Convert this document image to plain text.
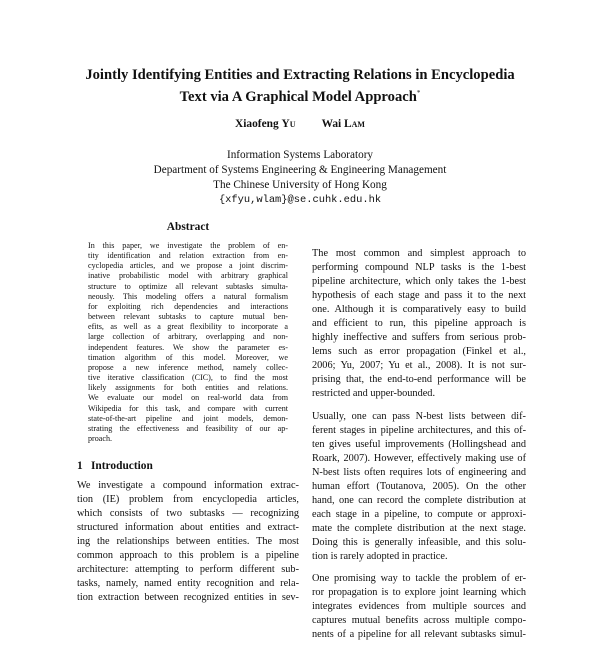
Jointly Identifying Entities and Extracting Relations in Encyclopedia
Text via A Graphical Model Approach*
Xiaofeng Yu Wai Lam
Information Systems Laboratory
Department of Systems Engineering & Engineering Management
The Chinese University of Hong Kong
{xfyu,wlam}@se.cuhk.edu.hk
Abstract
In this paper, we investigate the problem of en-
tity identification and relation extraction from en-
cyclopedia articles, and we propose a joint discrim-
inative probabilistic model with arbitrary graphical
structure to optimize all relevant subtasks simulta-
neously. This modeling offers a natural formalism
for exploiting rich dependencies and interactions
between relevant subtasks to capture mutual ben-
efits, as well as a great flexibility to incorporate a
large collection of arbitrary, overlapping and non-
independent features. We show the parameter es-
timation algorithm of this model. Moreover, we
propose a new inference method, namely collec-
tive iterative classification (CIC), to find the most
likely assignments for both entities and relations.
We evaluate our model on real-world data from
Wikipedia for this task, and compare with current
state-of-the-art pipeline and joint models, demon-
strating the effectiveness and feasibility of our ap-
proach.
1 Introduction
We investigate a compound information extrac-
tion (IE) problem from encyclopedia articles,
which consists of two subtasks — recognizing
structured information about entities and extract-
ing the relationships between entities. The most
common approach to this problem is a pipeline
architecture: attempting to perform different sub-
tasks, namely, named entity recognition and rela-
tion extraction between recognized entities in sev-
The most common and simplest approach to
performing compound NLP tasks is the 1-best
pipeline architecture, which only takes the 1-best
hypothesis of each stage and pass it to the next
one. Although it is comparatively easy to build
and efficient to run, this pipeline approach is
highly ineffective and suffers from serious prob-
lems such as error propagation (Finkel et al.,
2006; Yu, 2007; Yu et al., 2008). It is not sur-
prising that, the end-to-end performance will be
restricted and upper-bounded.
Usually, one can pass N-best lists between dif-
ferent stages in pipeline architectures, and this of-
ten gives useful improvements (Hollingshead and
Roark, 2007). However, effectively making use of
N-best lists often requires lots of engineering and
human effort (Toutanova, 2005). On the other
hand, one can record the complete distribution at
each stage in a pipeline, to compute or approxi-
mate the complete distribution at the next stage.
Doing this is generally infeasible, and this solu-
tion is rarely adopted in practice.
One promising way to tackle the problem of er-
ror propagation is to explore joint learning which
integrates evidences from multiple sources and
captures mutual benefits across multiple compo-
nents of a pipeline for all relevant subtasks simul-
